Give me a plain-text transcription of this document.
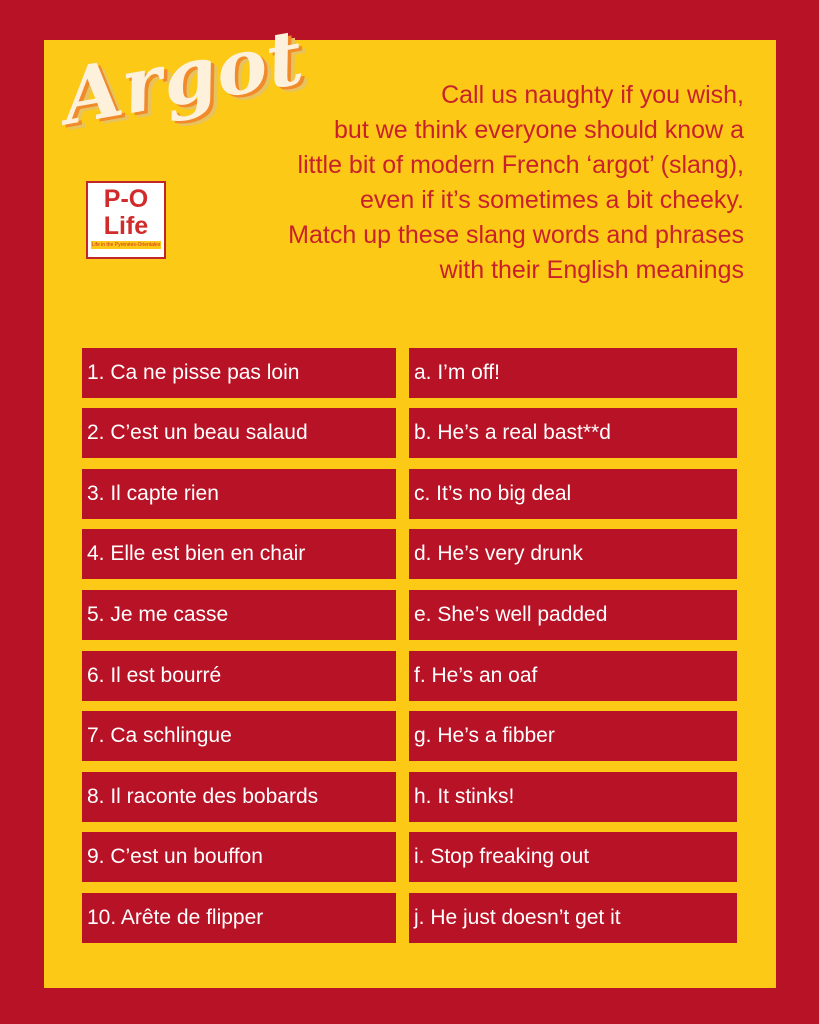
Argot
P-O
Life
Life in the Pyrénées-Orientales
Call us naughty if you wish,
but we think everyone should know a
little bit of modern French ‘argot’ (slang),
even if it’s sometimes a bit cheeky.
Match up these slang words and phrases
with their English meanings
1. Ca ne pisse pas loin
2. C’est un beau salaud
3. Il capte rien
4. Elle est bien en chair
5. Je me casse
6. Il est bourré
7. Ca schlingue
8. Il raconte des bobards
9. C’est un bouffon
10. Arête de flipper
a. I’m off!
b. He’s a real bast**d
c. It’s no big deal
d. He’s very drunk
e. She’s well padded
f. He’s an oaf
g. He’s a fibber
h. It stinks!
i. Stop freaking out
j. He just doesn’t get it
